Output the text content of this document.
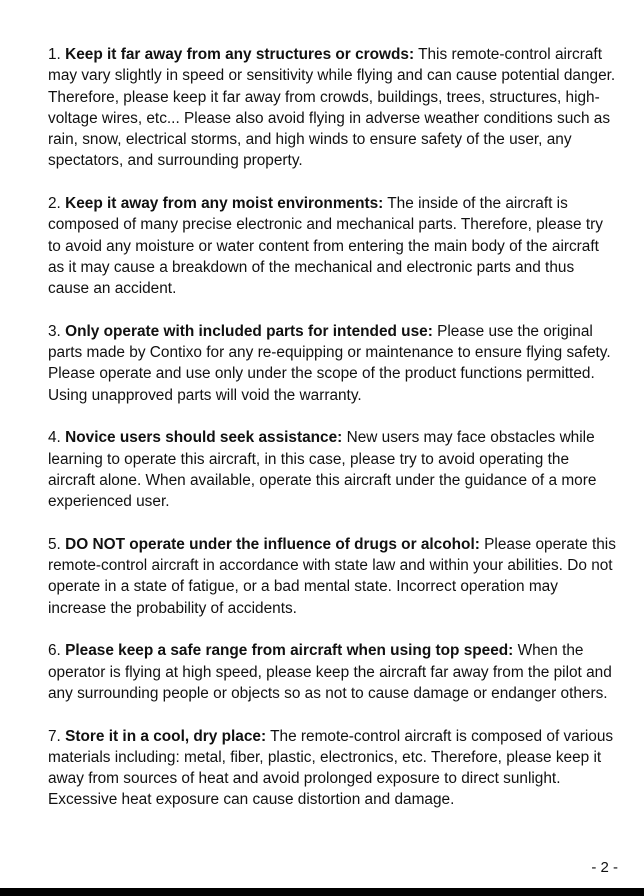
1. Keep it far away from any structures or crowds: This remote-control aircraft may vary slightly in speed or sensitivity while flying and can cause potential danger. Therefore, please keep it far away from crowds, buildings, trees, structures, high-voltage wires, etc... Please also avoid flying in adverse weather conditions such as rain, snow, electrical storms, and high winds to ensure safety of the user, any spectators, and surrounding property.

2. Keep it away from any moist environments: The inside of the aircraft is composed of many precise electronic and mechanical parts. Therefore, please try to avoid any moisture or water content from entering the main body of the aircraft as it may cause a breakdown of the mechanical and electronic parts and thus cause an accident.

3. Only operate with included parts for intended use: Please use the original parts made by Contixo for any re-equipping or maintenance to ensure flying safety. Please operate and use only under the scope of the product functions permitted. Using unapproved parts will void the warranty.

4. Novice users should seek assistance: New users may face obstacles while learning to operate this aircraft, in this case, please try to avoid operating the aircraft alone. When available, operate this aircraft under the guidance of a more experienced user.

5. DO NOT operate under the influence of drugs or alcohol: Please operate this remote-control aircraft in accordance with state law and within your abilities. Do not operate in a state of fatigue, or a bad mental state. Incorrect operation may increase the probability of accidents.

6. Please keep a safe range from aircraft when using top speed: When the operator is flying at high speed, please keep the aircraft far away from the pilot and any surrounding people or objects so as not to cause damage or endanger others.

7. Store it in a cool, dry place: The remote-control aircraft is composed of various materials including: metal, fiber, plastic, electronics, etc. Therefore, please keep it away from sources of heat and avoid prolonged exposure to direct sunlight. Excessive heat exposure can cause distortion and damage.

- 2 -
